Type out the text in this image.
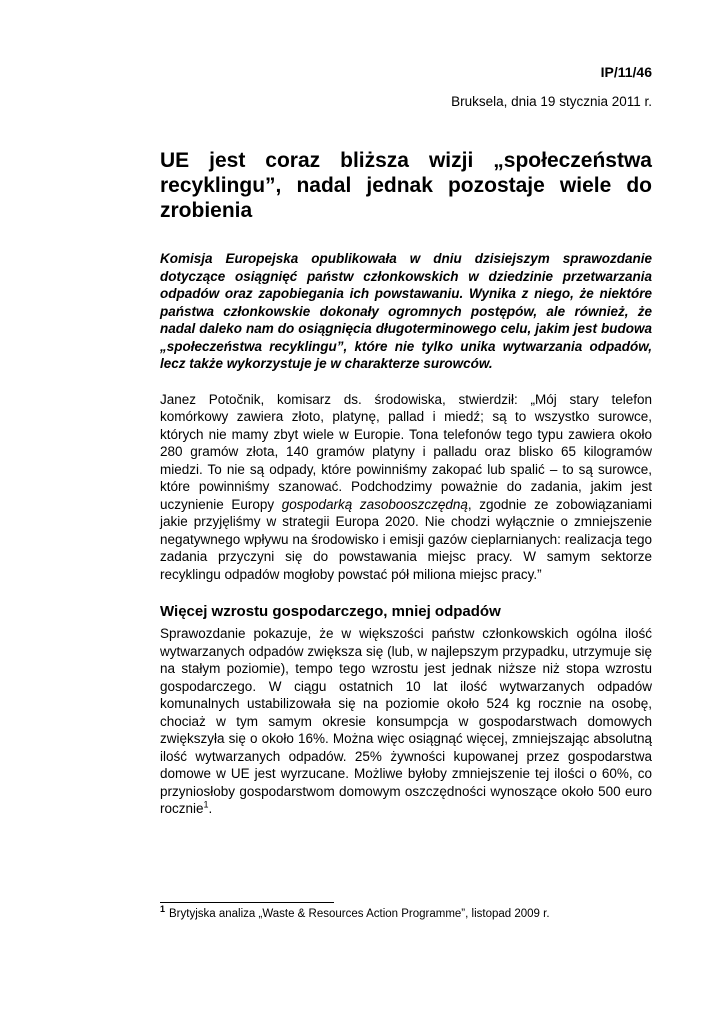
IP/11/46
Bruksela, dnia 19 stycznia 2011 r.
UE jest coraz bliższa wizji „społeczeństwa recyklingu”, nadal jednak pozostaje wiele do zrobienia
Komisja Europejska opublikowała w dniu dzisiejszym sprawozdanie dotyczące osiągnięć państw członkowskich w dziedzinie przetwarzania odpadów oraz zapobiegania ich powstawaniu. Wynika z niego, że niektóre państwa członkowskie dokonały ogromnych postępów, ale również, że nadal daleko nam do osiągnięcia długoterminowego celu, jakim jest budowa „społeczeństwa recyklingu”, które nie tylko unika wytwarzania odpadów, lecz także wykorzystuje je w charakterze surowców.
Janez Potočnik, komisarz ds. środowiska, stwierdził: „Mój stary telefon komórkowy zawiera złoto, platynę, pallad i miedź; są to wszystko surowce, których nie mamy zbyt wiele w Europie. Tona telefonów tego typu zawiera około 280 gramów złota, 140 gramów platyny i palladu oraz blisko 65 kilogramów miedzi. To nie są odpady, które powinniśmy zakopać lub spalić – to są surowce, które powinniśmy szanować. Podchodzimy poważnie do zadania, jakim jest uczynienie Europy gospodarką zasobooszczędną, zgodnie ze zobowiązaniami jakie przyjęliśmy w strategii Europa 2020. Nie chodzi wyłącznie o zmniejszenie negatywnego wpływu na środowisko i emisji gazów cieplarnianych: realizacja tego zadania przyczyni się do powstawania miejsc pracy. W samym sektorze recyklingu odpadów mogłoby powstać pół miliona miejsc pracy.”
Więcej wzrostu gospodarczego, mniej odpadów
Sprawozdanie pokazuje, że w większości państw członkowskich ogólna ilość wytwarzanych odpadów zwiększa się (lub, w najlepszym przypadku, utrzymuje się na stałym poziomie), tempo tego wzrostu jest jednak niższe niż stopa wzrostu gospodarczego. W ciągu ostatnich 10 lat ilość wytwarzanych odpadów komunalnych ustabilizowała się na poziomie około 524 kg rocznie na osobę, chociaż w tym samym okresie konsumpcja w gospodarstwach domowych zwiększyła się o około 16%. Można więc osiągnąć więcej, zmniejszając absolutną ilość wytwarzanych odpadów. 25% żywności kupowanej przez gospodarstwa domowe w UE jest wyrzucane. Możliwe byłoby zmniejszenie tej ilości o 60%, co przyniosłoby gospodarstwom domowym oszczędności wynoszące około 500 euro rocznie$^1$.
$^1$ Brytyjska analiza „Waste & Resources Action Programme”, listopad 2009 r.
